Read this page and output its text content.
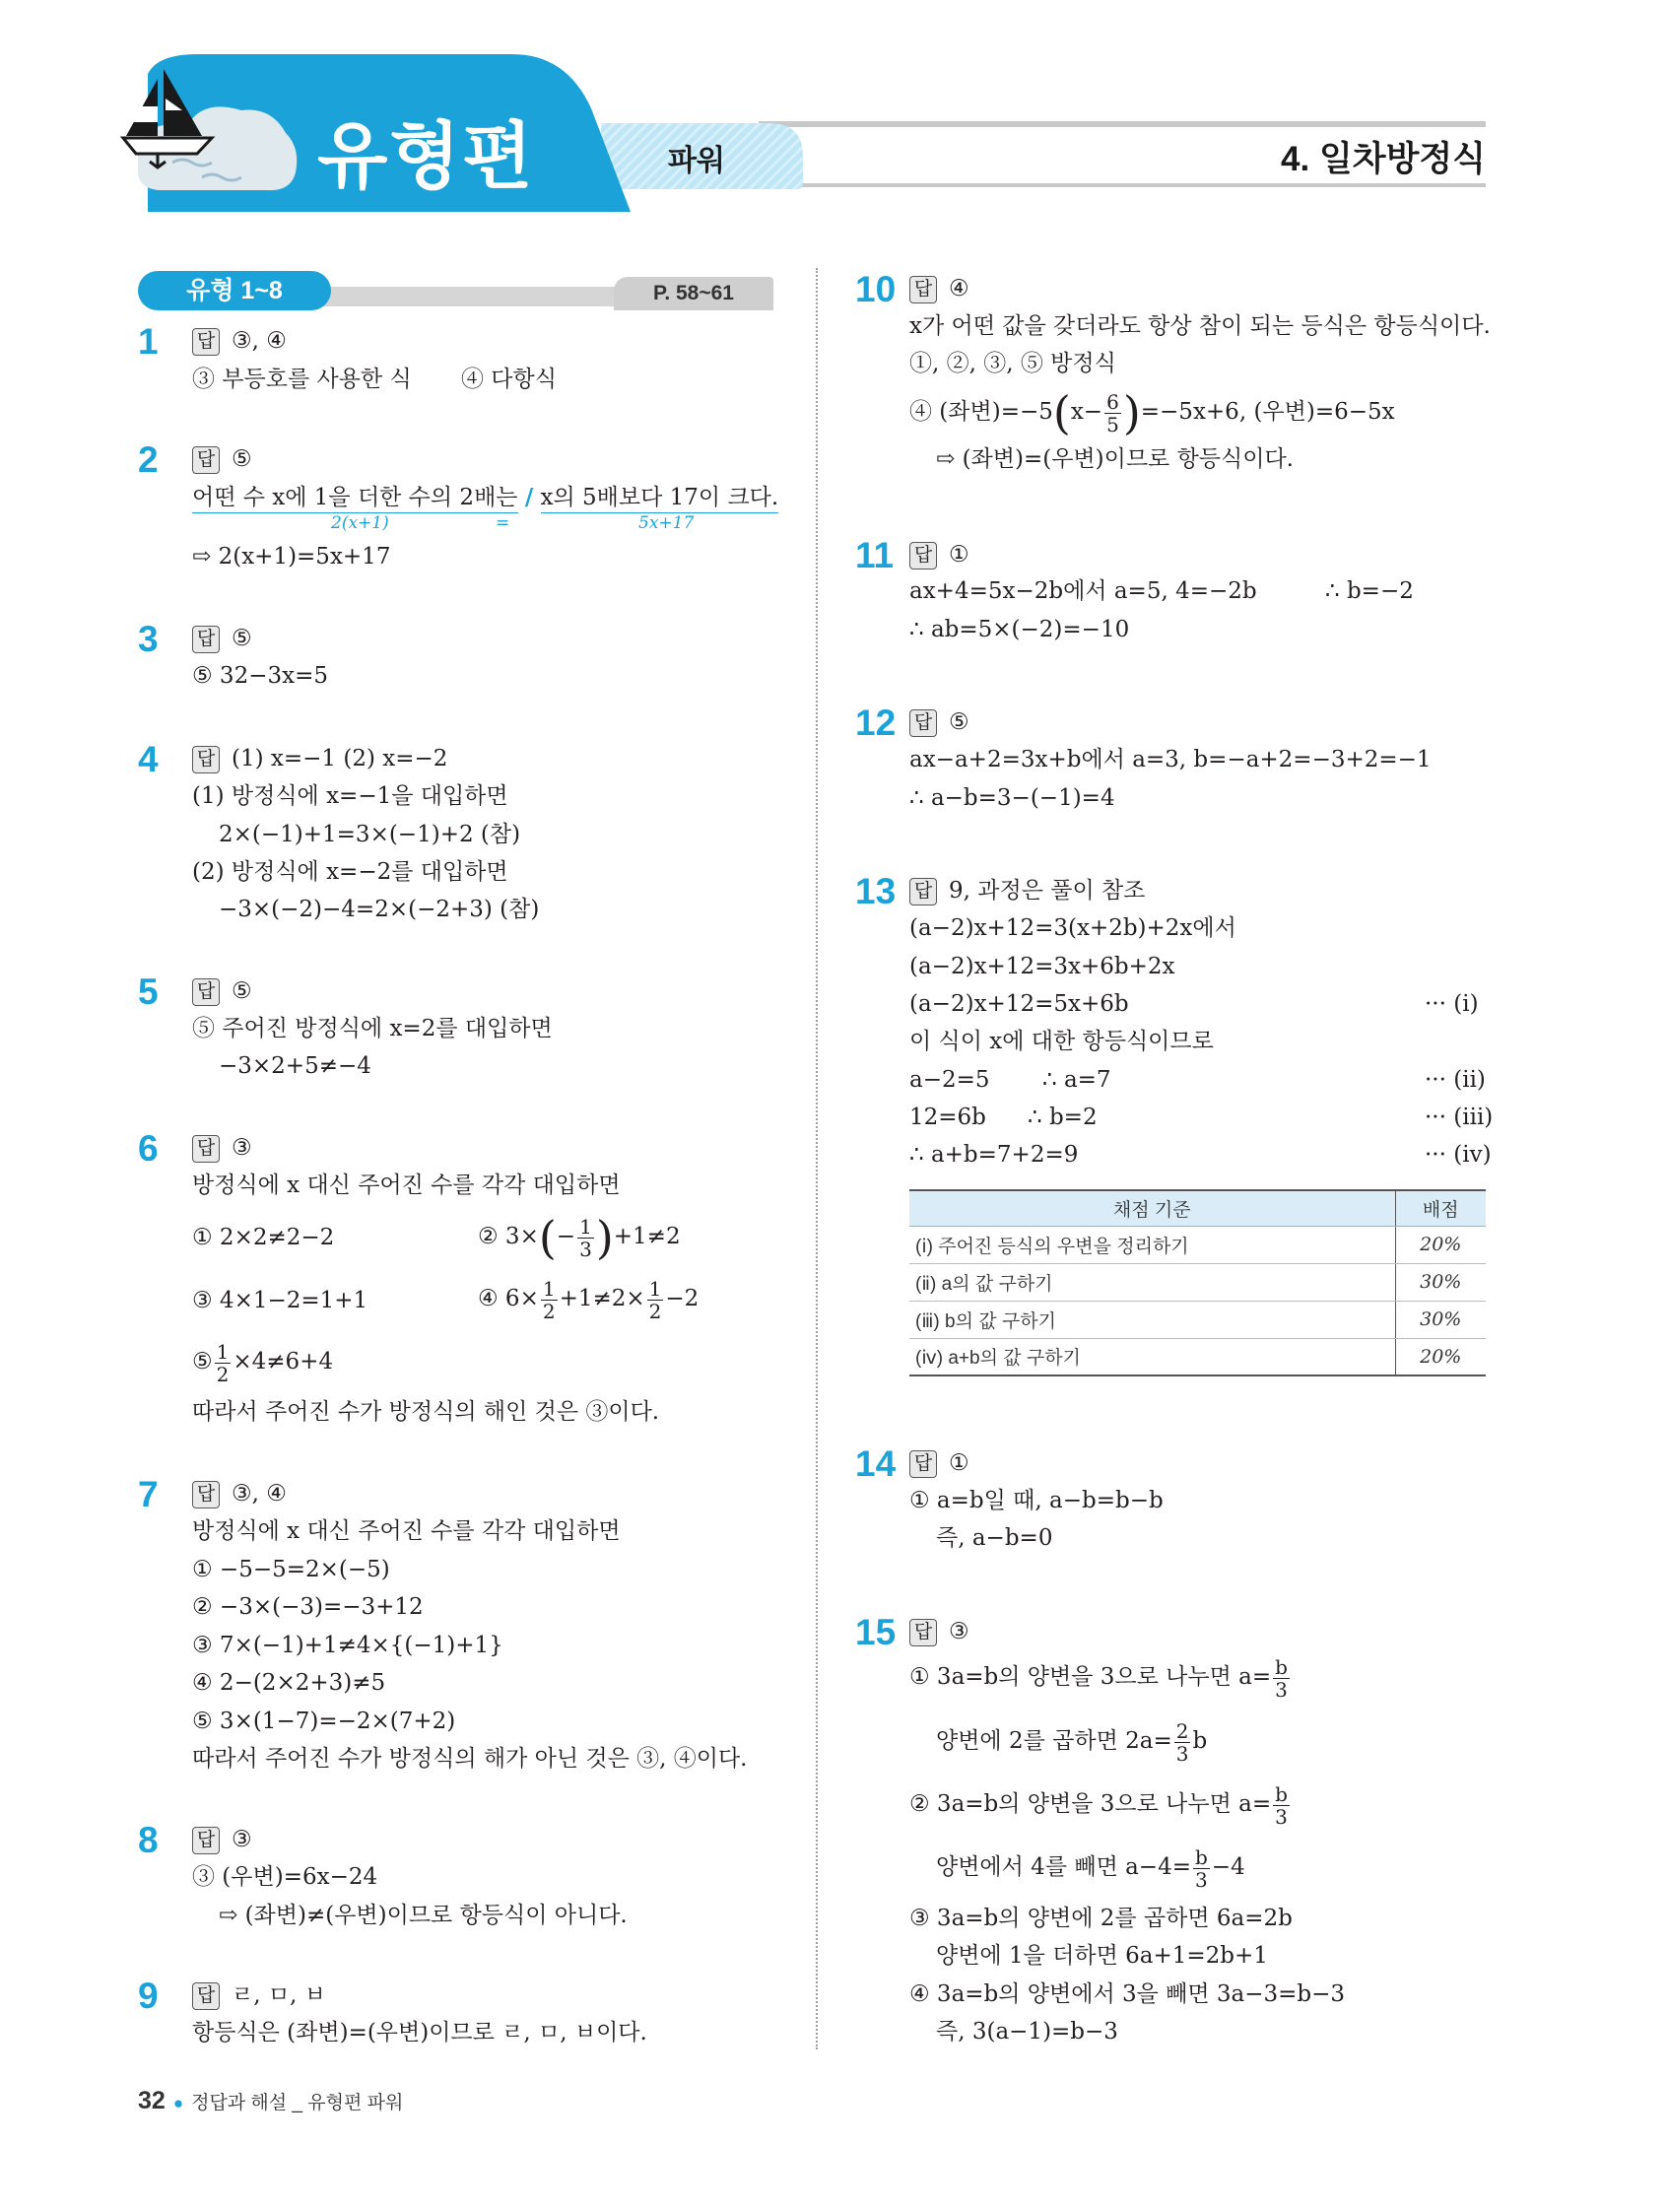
유형편	파워	4. 일차방정식
P. 58~61
유형 1~8
1 답 ③, ④
③ 부등호를 사용한 식 ④ 다항식
2 답 ⑤
어떤 수 x에 1을 더한 수의 2배는 / x의 5배보다 17이 크다.
2(x+1)	=	5x+17
⇨ 2(x+1)=5x+17
3 답 ⑤
⑤ 32−3x=5
4 답 (1) x=−1 (2) x=−2
(1) 방정식에 x=−1을 대입하면
2×(−1)+1=3×(−1)+2 (참)
(2) 방정식에 x=−2를 대입하면
−3×(−2)−4=2×(−2+3) (참)
5 답 ⑤
⑤ 주어진 방정식에 x=2를 대입하면
−3×2+5≠−4
6 답 ③
방정식에 x 대신 주어진 수를 각각 대입하면
① 2×2≠2−2	② $3\times(- \frac{1}{3} )+1\ne 2$
③ 4×1−2=1+1	④ $6\times \frac{1}{2} +1\ne 2\times \frac{1}{2} -2$
⑤ $\frac{1}{2} \times 4\ne 6+4$
따라서 주어진 수가 방정식의 해인 것은 ③이다.
7 답 ③, ④
방정식에 x 대신 주어진 수를 각각 대입하면
① −5−5=2×(−5)
② −3×(−3)=−3+12
③ 7×(−1)+1≠4×{(−1)+1}
④ 2−(2×2+3)≠5
⑤ 3×(1−7)=−2×(7+2)
따라서 주어진 수가 방정식의 해가 아닌 것은 ③, ④이다.
8 답 ③
③ (우변)=6x−24
⇨ (좌변)≠(우변)이므로 항등식이 아니다.
9 답 ㄹ, ㅁ, ㅂ
항등식은 (좌변)=(우변)이므로 ㄹ, ㅁ, ㅂ이다.
10 답 ④
x가 어떤 값을 갖더라도 항상 참이 되는 등식은 항등식이다.
①, ②, ③, ⑤ 방정식
④ (좌변)$=-5(x- \frac{6}{5} )=-5x+6$, (우변)=6−5x
⇨ (좌변)=(우변)이므로 항등식이다.
11 답 ①
ax+4=5x−2b에서 a=5, 4=−2b	∴ b=−2
∴ ab=5×(−2)=−10
12 답 ⑤
ax−a+2=3x+b에서 a=3, b=−a+2=−3+2=−1
∴ a−b=3−(−1)=4
13 답 9, 과정은 풀이 참조
(a−2)x+12=3(x+2b)+2x에서
(a−2)x+12=3x+6b+2x
(a−2)x+12=5x+6b	··· (ⅰ)
이 식이 x에 대한 항등식이므로
a−2=5 ∴ a=7	··· (ⅱ)
12=6b ∴ b=2	··· (ⅲ)
∴ a+b=7+2=9	··· (ⅳ)
채점 기준	배점
(ⅰ) 주어진 등식의 우변을 정리하기	20%
(ⅱ) a의 값 구하기	30%
(ⅲ) b의 값 구하기	30%
(ⅳ) a+b의 값 구하기	20%
14 답 ①
① a=b일 때, a−b=b−b
즉, a−b=0
15 답 ③
① 3a=b의 양변을 3으로 나누면 $a= \frac{b}{3}$
양변에 2를 곱하면 $2a= \frac{2}{3}$ b
② 3a=b의 양변을 3으로 나누면 $a= \frac{b}{3}$
양변에서 4를 빼면 $a-4= \frac{b}{3} -4$
③ 3a=b의 양변에 2를 곱하면 6a=2b
양변에 1을 더하면 6a+1=2b+1
④ 3a=b의 양변에서 3을 빼면 3a−3=b−3
즉, 3(a−1)=b−3
32 ● 정답과 해설 _ 유형편 파워
